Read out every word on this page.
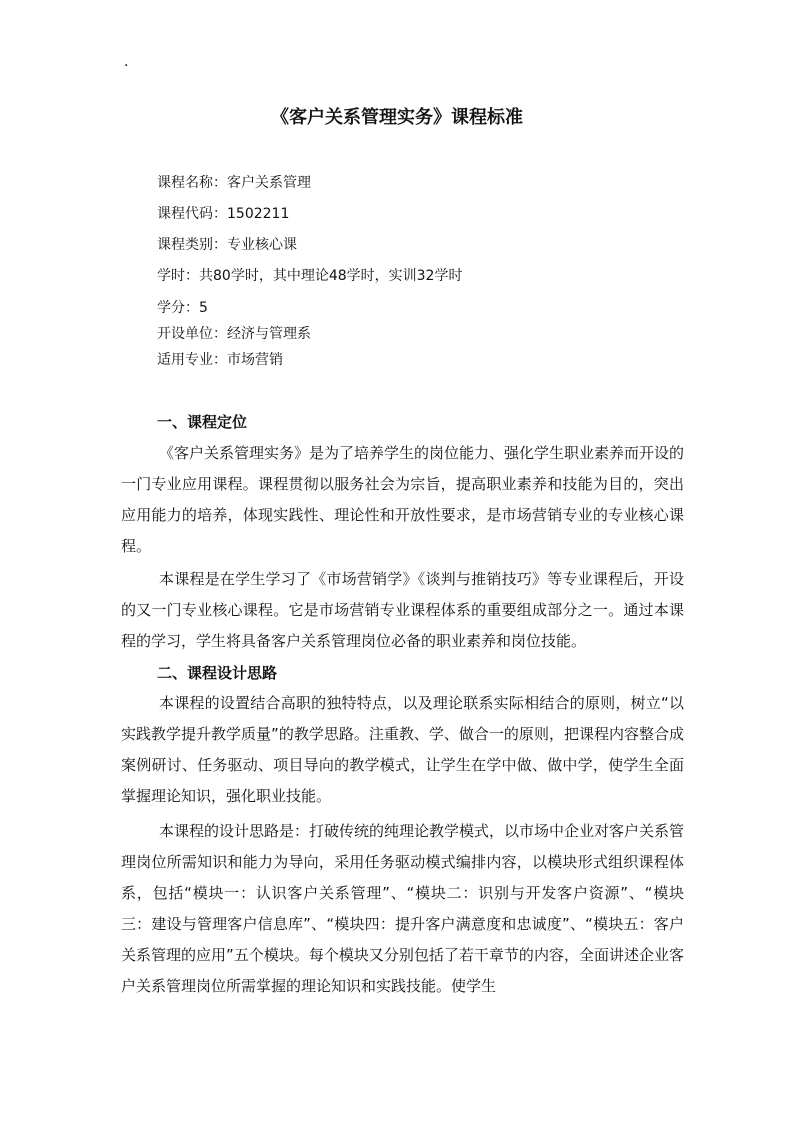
.
《客户关系管理实务》课程标准
课程名称：客户关系管理
课程代码：1502211
课程类别：专业核心课
学时：共80学时，其中理论48学时，实训32学时
学分：5
开设单位：经济与管理系
适用专业：市场营销
一、课程定位
《客户关系管理实务》是为了培养学生的岗位能力、强化学生职业素养而开设的一门专业应用课程。课程贯彻以服务社会为宗旨，提高职业素养和技能为目的，突出应用能力的培养，体现实践性、理论性和开放性要求，是市场营销专业的专业核心课程。
本课程是在学生学习了《市场营销学》《谈判与推销技巧》等专业课程后，开设的又一门专业核心课程。它是市场营销专业课程体系的重要组成部分之一。通过本课程的学习，学生将具备客户关系管理岗位必备的职业素养和岗位技能。
二、课程设计思路
本课程的设置结合高职的独特特点，以及理论联系实际相结合的原则，树立“以实践教学提升教学质量”的教学思路。注重教、学、做合一的原则，把课程内容整合成案例研讨、任务驱动、项目导向的教学模式，让学生在学中做、做中学，使学生全面掌握理论知识，强化职业技能。
本课程的设计思路是：打破传统的纯理论教学模式，以市场中企业对客户关系管理岗位所需知识和能力为导向，采用任务驱动模式编排内容，以模块形式组织课程体系，包括“模块一：认识客户关系管理”、“模块二：识别与开发客户资源”、“模块三：建设与管理客户信息库”、“模块四：提升客户满意度和忠诚度”、“模块五：客户关系管理的应用”五个模块。每个模块又分别包括了若干章节的内容，全面讲述企业客户关系管理岗位所需掌握的理论知识和实践技能。使学生
